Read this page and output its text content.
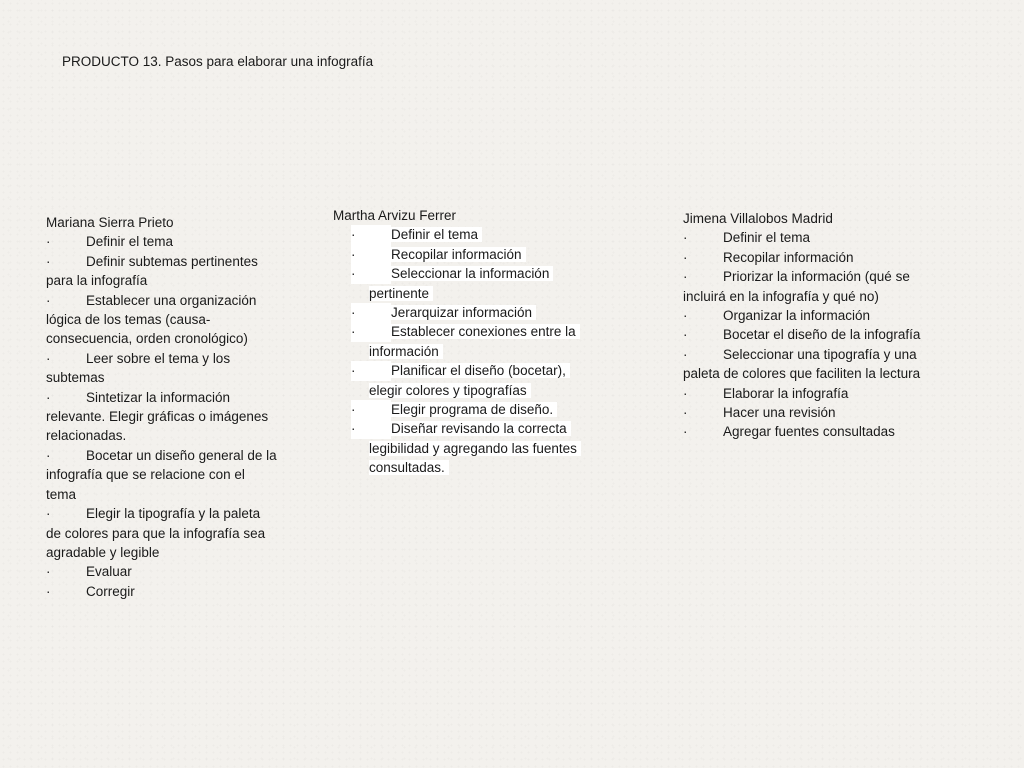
PRODUCTO 13. Pasos para elaborar una infografía
Mariana Sierra Prieto
·	Definir el tema
·	Definir subtemas pertinentes para la infografía
·	Establecer una organización lógica de los temas (causa-consecuencia, orden cronológico)
·	Leer sobre el tema y los subtemas
·	Sintetizar la información relevante. Elegir gráficas o imágenes relacionadas.
·	Bocetar un diseño general de la infografía que se relacione con el tema
·	Elegir la tipografía y la paleta de colores para que la infografía sea agradable y legible
·	Evaluar
·	Corregir
Martha Arvizu Ferrer
·	Definir el tema
·	Recopilar información
·	Seleccionar la información pertinente
·	Jerarquizar información
·	Establecer conexiones entre la información
·	Planificar el diseño (bocetar), elegir colores y tipografías
·	Elegir programa de diseño.
·	Diseñar revisando la correcta legibilidad y agregando las fuentes consultadas.
Jimena Villalobos Madrid
·	Definir el tema
·	Recopilar información
·	Priorizar la información (qué se incluirá en la infografía y qué no)
·	Organizar la información
·	Bocetar el diseño de la infografía
·	Seleccionar una tipografía y una paleta de colores que faciliten la lectura
·	Elaborar la infografía
·	Hacer una revisión
·	Agregar fuentes consultadas
